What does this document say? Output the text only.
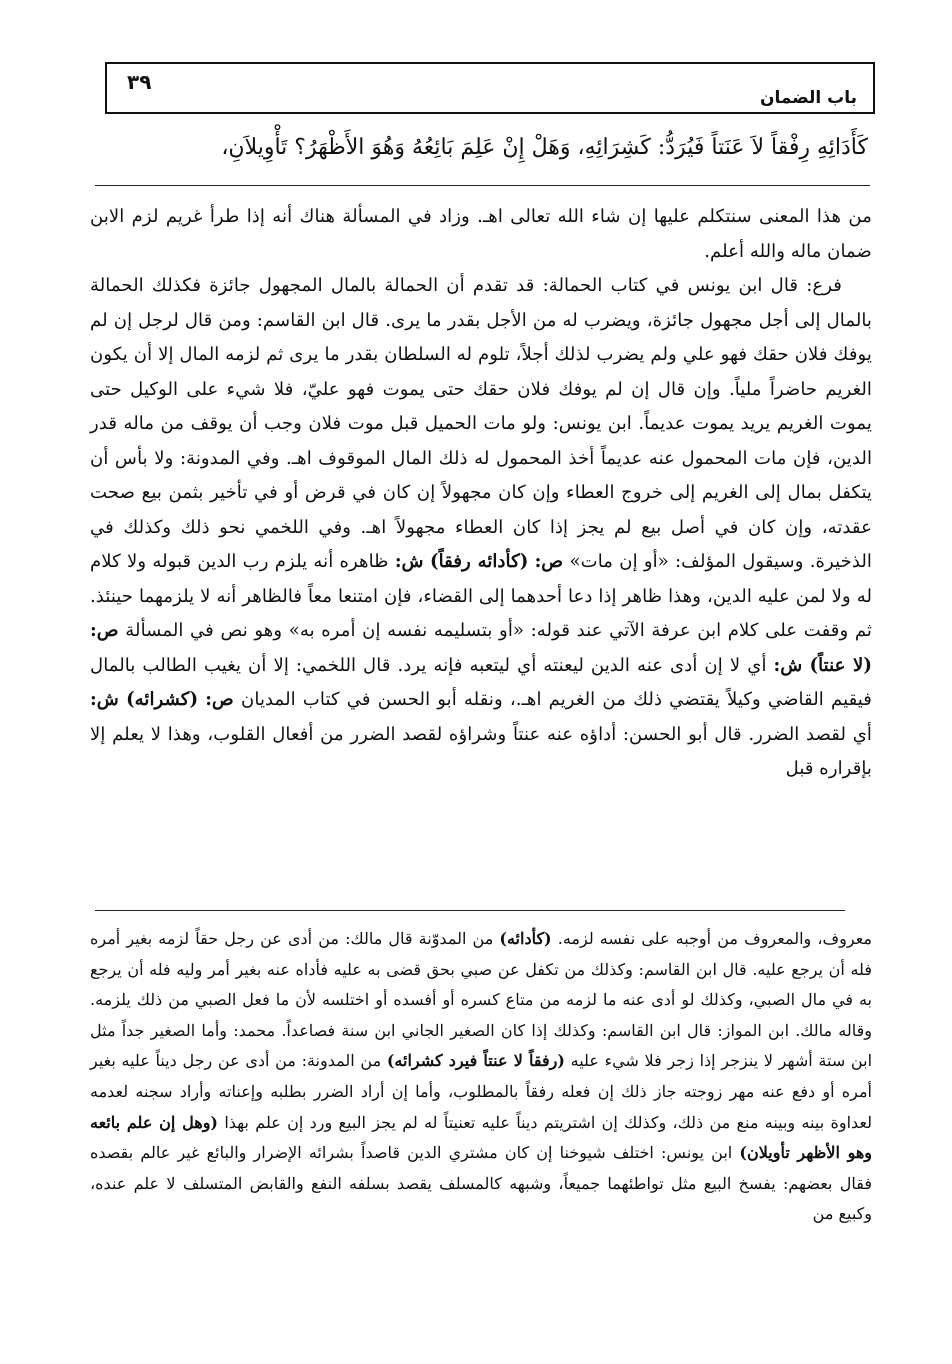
باب الضمان
٣٩
كَأَدَائِهِ رِفْقاً لاَ عَنَتاً فَيُرَدُّ: كَشِرَائِهِ، وَهَلْ إِنْ عَلِمَ بَائِعُهُ وَهُوَ الأَظْهَرُ؟ تَأْوِيلاَنِ،

من هذا المعنى سنتكلم عليها إن شاء الله تعالى اهـ. وزاد في المسألة هناك أنه إذا طرأ غريم لزم الابن ضمان ماله والله أعلم.

فرع: قال ابن يونس في كتاب الحمالة: قد تقدم أن الحمالة بالمال المجهول جائزة فكذلك الحمالة بالمال إلى أجل مجهول جائزة، ويضرب له من الأجل بقدر ما يرى. قال ابن القاسم: ومن قال لرجل إن لم يوفك فلان حقك فهو علي ولم يضرب لذلك أجلاً، تلوم له السلطان بقدر ما يرى ثم لزمه المال إلا أن يكون الغريم حاضراً ملياً. وإن قال إن لم يوفك فلان حقك حتى يموت فهو عليّ، فلا شيء على الوكيل حتى يموت الغريم يريد يموت عديماً. ابن يونس: ولو مات الحميل قبل موت فلان وجب أن يوقف من ماله قدر الدين، فإن مات المحمول عنه عديماً أخذ المحمول له ذلك المال الموقوف اهـ. وفي المدونة: ولا بأس أن يتكفل بمال إلى الغريم إلى خروج العطاء وإن كان مجهولاً إن كان في قرض أو في تأخير بثمن بيع صحت عقدته، وإن كان في أصل بيع لم يجز إذا كان العطاء مجهولاً اهـ. وفي اللخمي نحو ذلك وكذلك في الذخيرة. وسيقول المؤلف: «أو إن مات» ص: (كأدائه رفقاً) ش: ظاهره أنه يلزم رب الدين قبوله ولا كلام له ولا لمن عليه الدين، وهذا ظاهر إذا دعا أحدهما إلى القضاء، فإن امتنعا معاً فالظاهر أنه لا يلزمهما حينئذ. ثم وقفت على كلام ابن عرفة الآتي عند قوله: «أو بتسليمه نفسه إن أمره به» وهو نص في المسألة ص: (لا عنتاً) ش: أي لا إن أدى عنه الدين ليعنته أي ليتعبه فإنه يرد. قال اللخمي: إلا أن يغيب الطالب بالمال فيقيم القاضي وكيلاً يقتضي ذلك من الغريم اهـ.، ونقله أبو الحسن في كتاب المديان ص: (كشرائه) ش: أي لقصد الضرر. قال أبو الحسن: أداؤه عنه عنتاً وشراؤه لقصد الضرر من أفعال القلوب، وهذا لا يعلم إلا بإقراره قبل

معروف، والمعروف من أوجبه على نفسه لزمه. (كأدائه) من المدوّنة قال مالك: من أدى عن رجل حقاً لزمه بغير أمره فله أن يرجع عليه. قال ابن القاسم: وكذلك من تكفل عن صبي بحق قضى به عليه فأداه عنه بغير أمر وليه فله أن يرجع به في مال الصبي، وكذلك لو أدى عنه ما لزمه من متاع كسره أو أفسده أو اختلسه لأن ما فعل الصبي من ذلك يلزمه. وقاله مالك. ابن المواز: قال ابن القاسم: وكذلك إذا كان الصغير الجاني ابن سنة فصاعداً. محمد: وأما الصغير جداً مثل ابن ستة أشهر لا ينزجر إذا زجر فلا شيء عليه (رفقاً لا عنتاً فيرد كشرائه) من المدونة: من أدى عن رجل ديناً عليه بغير أمره أو دفع عنه مهر زوجته جاز ذلك إن فعله رفقاً بالمطلوب، وأما إن أراد الضرر بطلبه وإعناته وأراد سجنه لعدمه لعداوة بينه وبينه منع من ذلك، وكذلك إن اشتريتم ديناً عليه تعنيتاً له لم يجز البيع ورد إن علم بهذا (وهل إن علم بائعه وهو الأظهر تأويلان) ابن يونس: اختلف شيوخنا إن كان مشتري الدين قاصداً بشرائه الإضرار والبائع غير عالم بقصده فقال بعضهم: يفسخ البيع مثل تواطئهما جميعاً، وشبهه كالمسلف يقصد بسلفه النفع والقابض المتسلف لا علم عنده، وكبيع من
